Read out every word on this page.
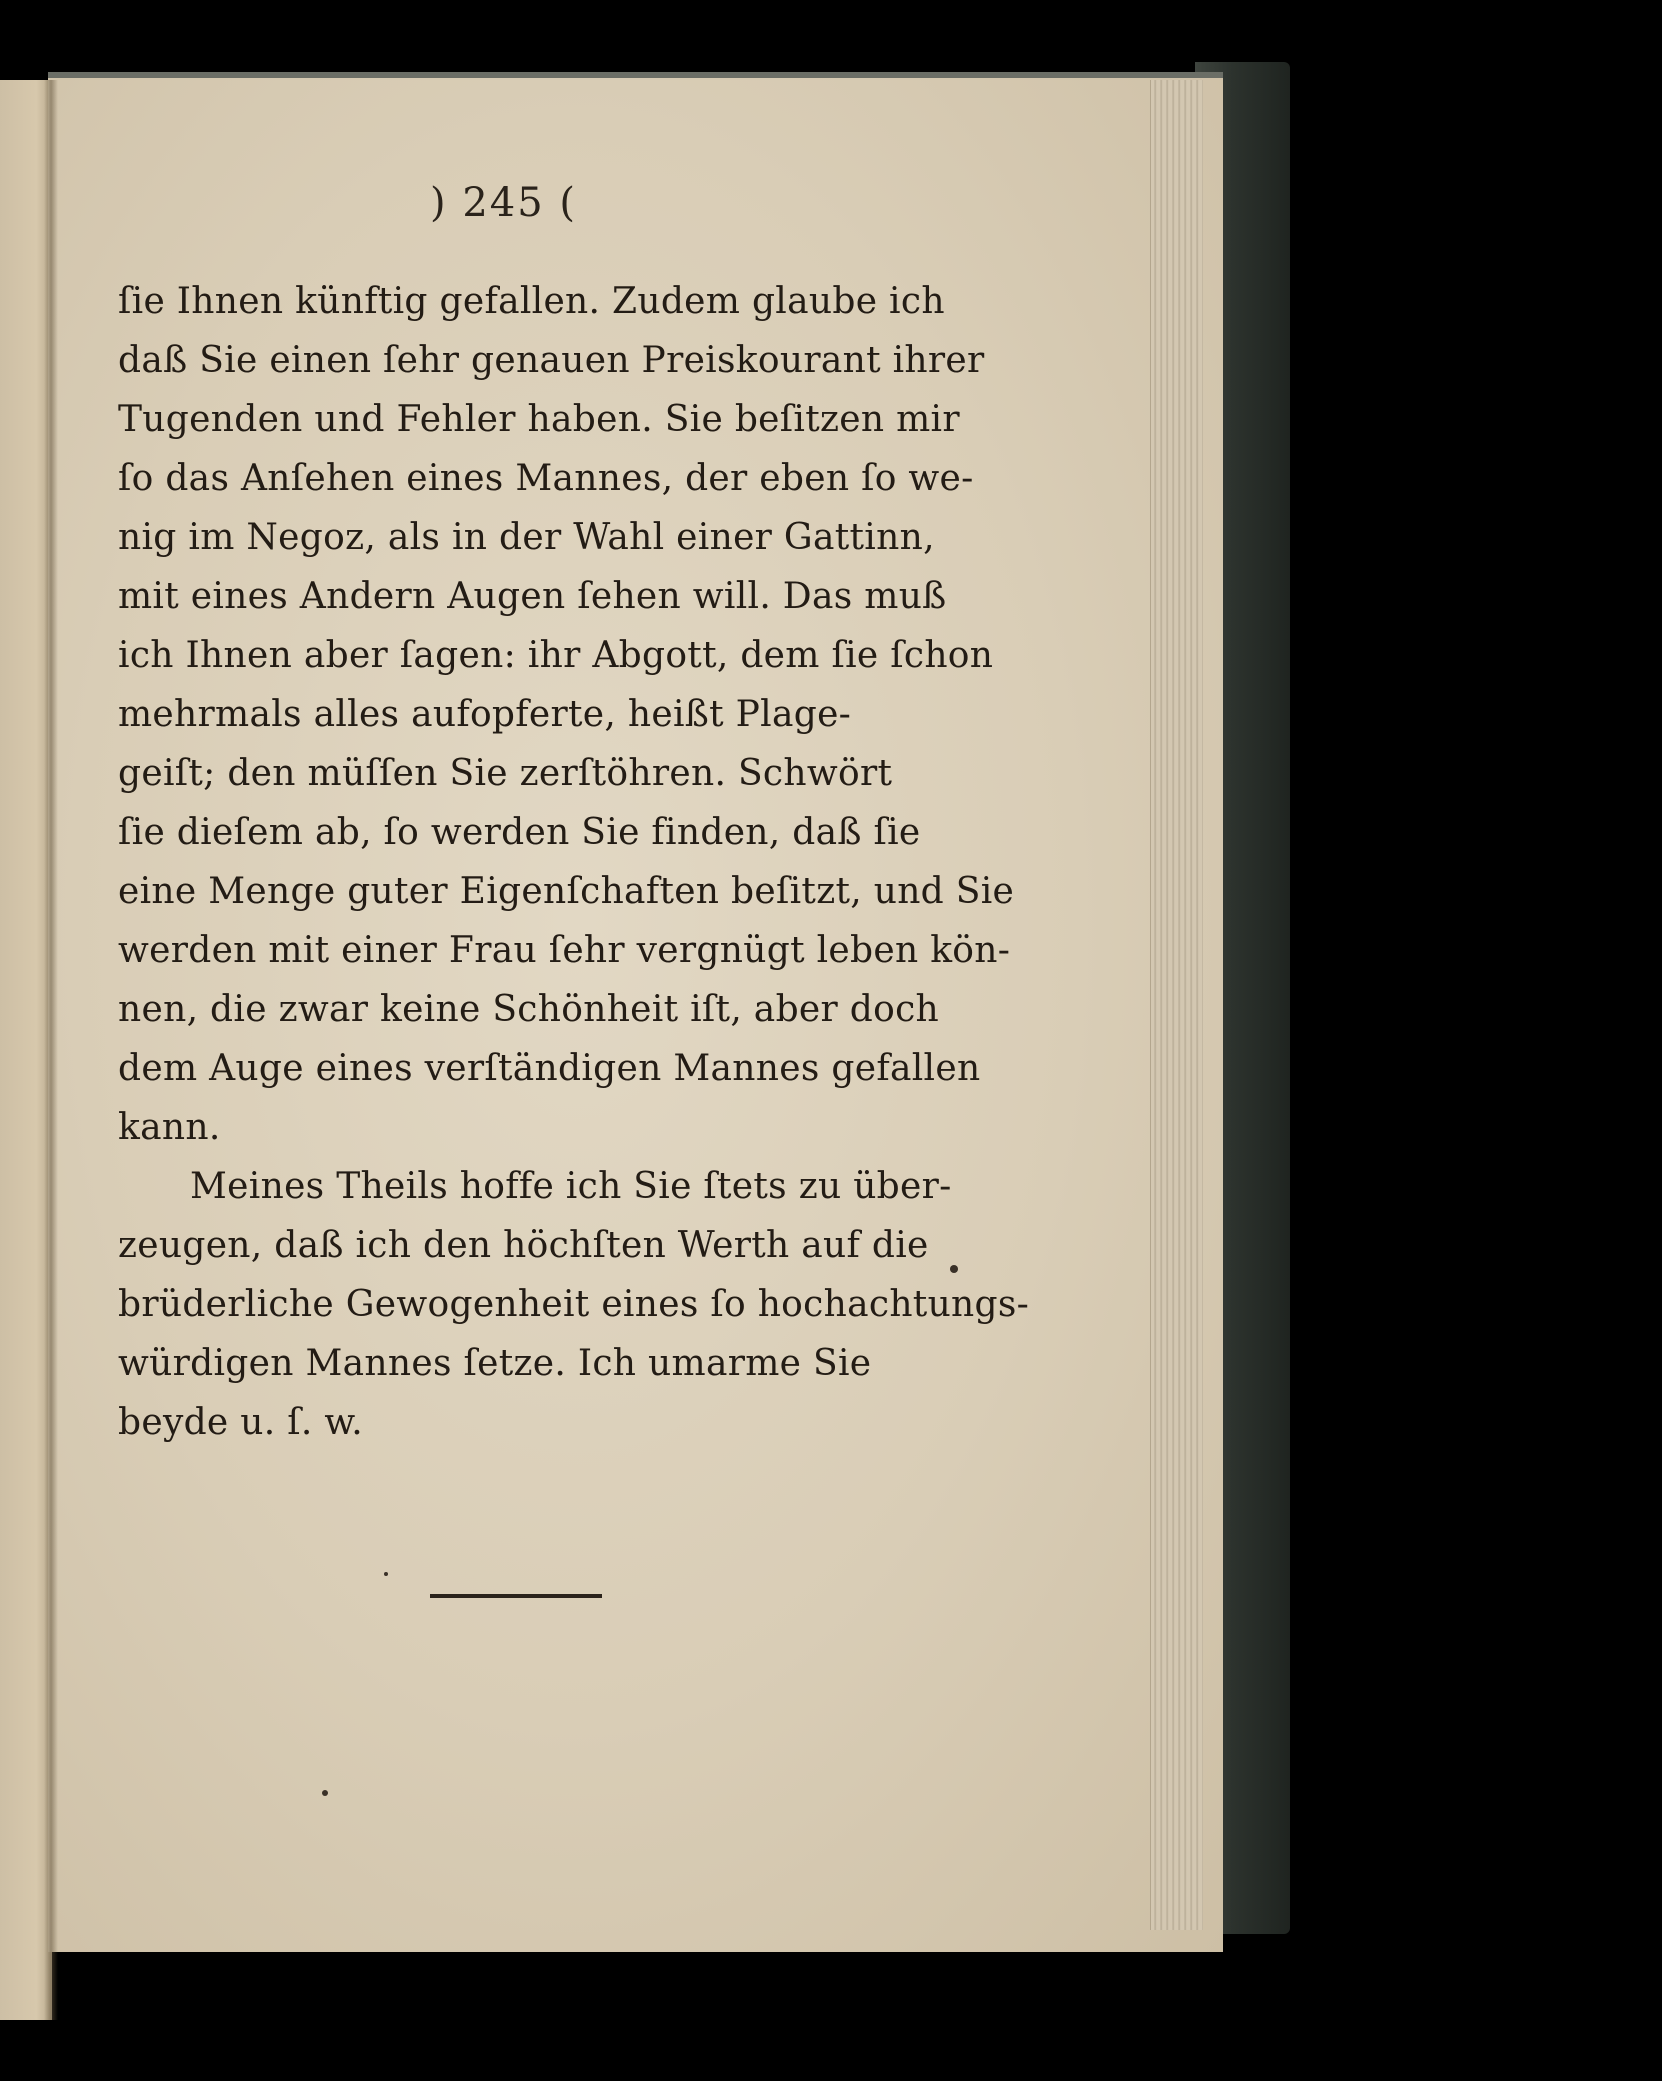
) 245 (
ſie Ihnen künftig gefallen. Zudem glaube ich
daß Sie einen ſehr genauen Preiskourant ihrer
Tugenden und Fehler haben. Sie beſitzen mir
ſo das Anſehen eines Mannes, der eben ſo we-
nig im Negoz, als in der Wahl einer Gattinn,
mit eines Andern Augen ſehen will. Das muß
ich Ihnen aber ſagen: ihr Abgott, dem ſie ſchon
mehrmals alles aufopferte, heißt Plage-
geiſt; den müſſen Sie zerſtöhren. Schwört
ſie dieſem ab, ſo werden Sie finden, daß ſie
eine Menge guter Eigenſchaften beſitzt, und Sie
werden mit einer Frau ſehr vergnügt leben kön-
nen, die zwar keine Schönheit iſt, aber doch
dem Auge eines verſtändigen Mannes gefallen
kann.
Meines Theils hoffe ich Sie ſtets zu über-
zeugen, daß ich den höchſten Werth auf die
brüderliche Gewogenheit eines ſo hochachtungs-
würdigen Mannes ſetze. Ich umarme Sie
beyde u. ſ. w.
